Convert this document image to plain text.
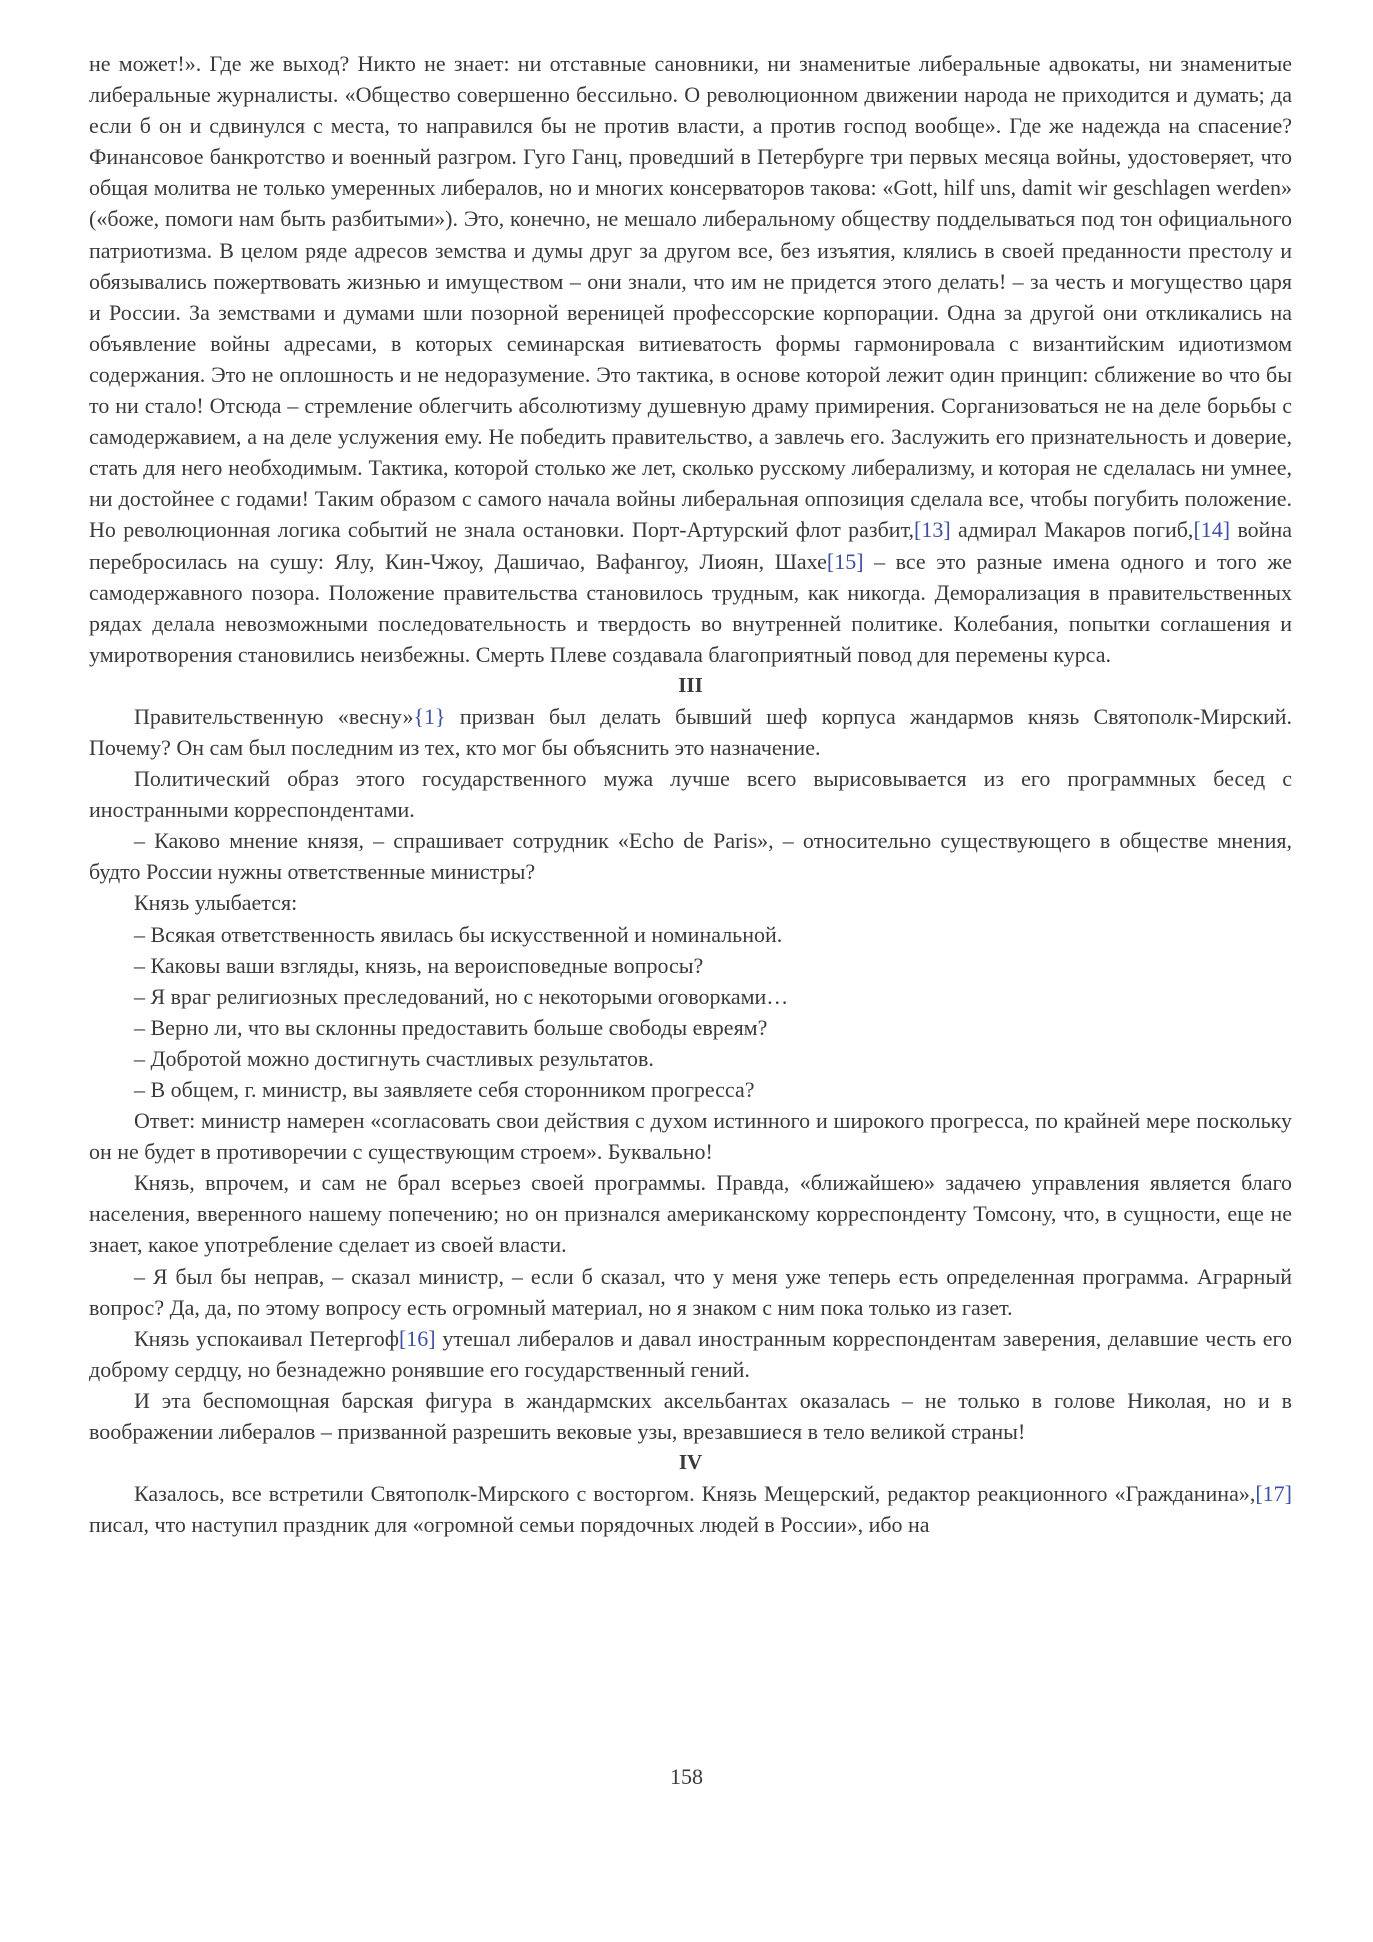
не может!». Где же выход? Никто не знает: ни отставные сановники, ни знаменитые либеральные адвокаты, ни знаменитые либеральные журналисты. «Общество совершенно бессильно. О революционном движении народа не приходится и думать; да если б он и сдвинулся с места, то направился бы не против власти, а против господ вообще». Где же надежда на спасение? Финансовое банкротство и военный разгром. Гуго Ганц, проведший в Петербурге три первых месяца войны, удостоверяет, что общая молитва не только умеренных либералов, но и многих консерваторов такова: «Gott, hilf uns, damit wir geschlagen werden» («боже, помоги нам быть разбитыми»). Это, конечно, не мешало либеральному обществу подделываться под тон официального патриотизма. В целом ряде адресов земства и думы друг за другом все, без изъятия, клялись в своей преданности престолу и обязывались пожертвовать жизнью и имуществом – они знали, что им не придется этого делать! – за честь и могущество царя и России. За земствами и думами шли позорной вереницей профессорские корпорации. Одна за другой они откликались на объявление войны адресами, в которых семинарская витиеватость формы гармонировала с византийским идиотизмом содержания. Это не оплошность и не недоразумение. Это тактика, в основе которой лежит один принцип: сближение во что бы то ни стало! Отсюда – стремление облегчить абсолютизму душевную драму примирения. Сорганизоваться не на деле борьбы с самодержавием, а на деле услужения ему. Не победить правительство, а завлечь его. Заслужить его признательность и доверие, стать для него необходимым. Тактика, которой столько же лет, сколько русскому либерализму, и которая не сделалась ни умнее, ни достойнее с годами! Таким образом с самого начала войны либеральная оппозиция сделала все, чтобы погубить положение. Но революционная логика событий не знала остановки. Порт-Артурский флот разбит,[13] адмирал Макаров погиб,[14] война перебросилась на сушу: Ялу, Кин-Чжоу, Дашичао, Вафангоу, Лиоян, Шахе[15] – все это разные имена одного и того же самодержавного позора. Положение правительства становилось трудным, как никогда. Деморализация в правительственных рядах делала невозможными последовательность и твердость во внутренней политике. Колебания, попытки соглашения и умиротворения становились неизбежны. Смерть Плеве создавала благоприятный повод для перемены курса.

III

Правительственную «весну»{1} призван был делать бывший шеф корпуса жандармов князь Святополк-Мирский. Почему? Он сам был последним из тех, кто мог бы объяснить это назначение.

Политический образ этого государственного мужа лучше всего вырисовывается из его программных бесед с иностранными корреспондентами.

– Каково мнение князя, – спрашивает сотрудник «Echo de Paris», – относительно существующего в обществе мнения, будто России нужны ответственные министры?

Князь улыбается:

– Всякая ответственность явилась бы искусственной и номинальной.

– Каковы ваши взгляды, князь, на вероисповедные вопросы?

– Я враг религиозных преследований, но с некоторыми оговорками…

– Верно ли, что вы склонны предоставить больше свободы евреям?

– Добротой можно достигнуть счастливых результатов.

– В общем, г. министр, вы заявляете себя сторонником прогресса?

Ответ: министр намерен «согласовать свои действия с духом истинного и широкого прогресса, по крайней мере поскольку он не будет в противоречии с существующим строем». Буквально!

Князь, впрочем, и сам не брал всерьез своей программы. Правда, «ближайшею» задачею управления является благо населения, вверенного нашему попечению; но он признался американскому корреспонденту Томсону, что, в сущности, еще не знает, какое употребление сделает из своей власти.

– Я был бы неправ, – сказал министр, – если б сказал, что у меня уже теперь есть определенная программа. Аграрный вопрос? Да, да, по этому вопросу есть огромный материал, но я знаком с ним пока только из газет.

Князь успокаивал Петергоф[16] утешал либералов и давал иностранным корреспондентам заверения, делавшие честь его доброму сердцу, но безнадежно ронявшие его государственный гений.

И эта беспомощная барская фигура в жандармских аксельбантах оказалась – не только в голове Николая, но и в воображении либералов – призванной разрешить вековые узы, врезавшиеся в тело великой страны!

IV

Казалось, все встретили Святополк-Мирского с восторгом. Князь Мещерский, редактор реакционного «Гражданина»,[17] писал, что наступил праздник для «огромной семьи порядочных людей в России», ибо на

158
